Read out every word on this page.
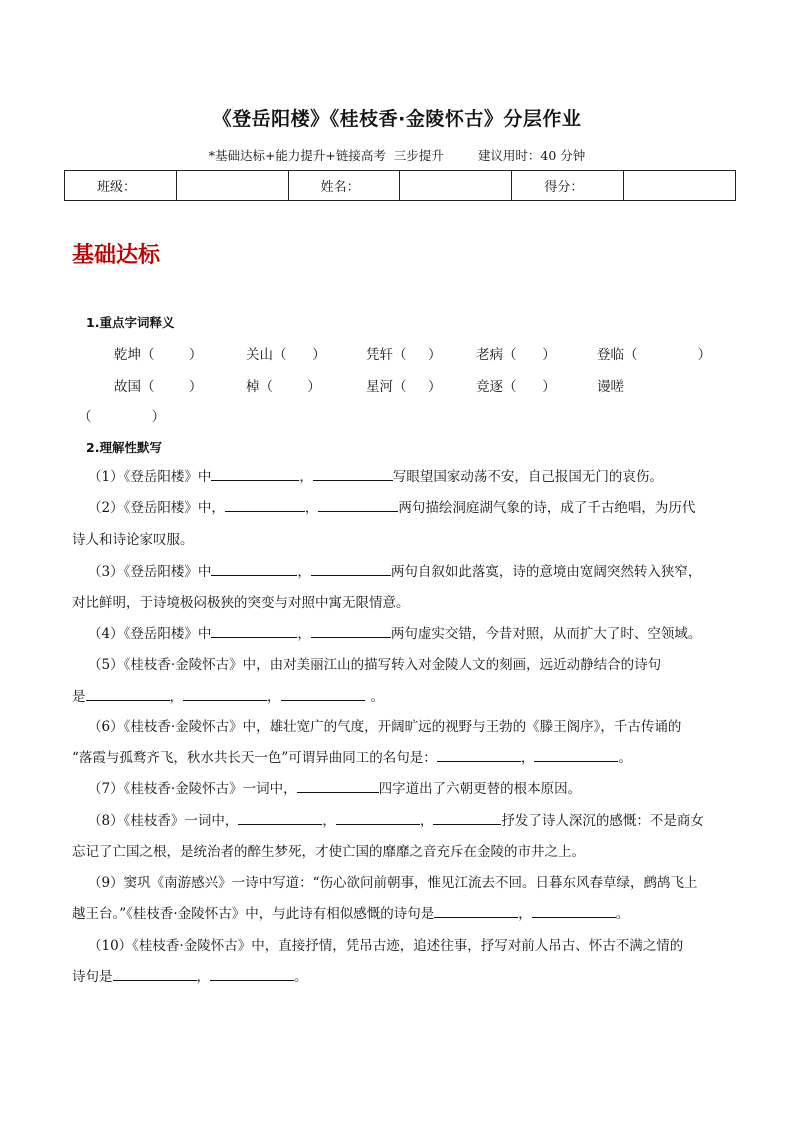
《登岳阳楼》《桂枝香·金陵怀古》分层作业
*基础达标+能力提升+链接高考 三步提升	建议用时：40 分钟
班级：		姓名：		得分：	
基础达标
1.重点字词释义
乾坤（        ）	关山（      ）	凭轩（     ）	老病（      ）	登临（              ）
故国（        ）	棹（        ）	星河（     ）	竞逐（      ）	谩嗟
（              ）
2.理解性默写
（1）《登岳阳楼》中	，	写眼望国家动荡不安，自己报国无门的哀伤。
（2）《登岳阳楼》中，	，	两句描绘洞庭湖气象的诗，成了千古绝唱，为历代
诗人和诗论家叹服。
（3）《登岳阳楼》中	，	两句自叙如此落寞，诗的意境由宽阔突然转入狭窄，
对比鲜明，于诗境极闷极狭的突变与对照中寓无限情意。
（4）《登岳阳楼》中	，	两句虚实交错，今昔对照，从而扩大了时、空领域。
（5）《桂枝香·金陵怀古》中，由对美丽江山的描写转入对金陵人文的刻画，远近动静结合的诗句
是	，	，	。
（6）《桂枝香·金陵怀古》中，雄壮宽广的气度，开阔旷远的视野与王勃的《滕王阁序》，千古传诵的
“落霞与孤鹜齐飞，秋水共长天一色”可谓异曲同工的名句是：	，	。
（7）《桂枝香·金陵怀古》一词中，	四字道出了六朝更替的根本原因。
（8）《桂枝香》一词中，	，	，	抒发了诗人深沉的感慨：不是商女
忘记了亡国之根，是统治者的醉生梦死，才使亡国的靡靡之音充斥在金陵的市井之上。
（9）窦巩《南游感兴》一诗中写道：“伤心欲问前朝事，惟见江流去不回。日暮东风春草绿，鹧鸪飞上
越王台。”《桂枝香·金陵怀古》中，与此诗有相似感慨的诗句是	，	。
（10）《桂枝香·金陵怀古》中，直接抒情，凭吊古迹，追述往事，抒写对前人吊古、怀古不满之情的
诗句是	，	。
